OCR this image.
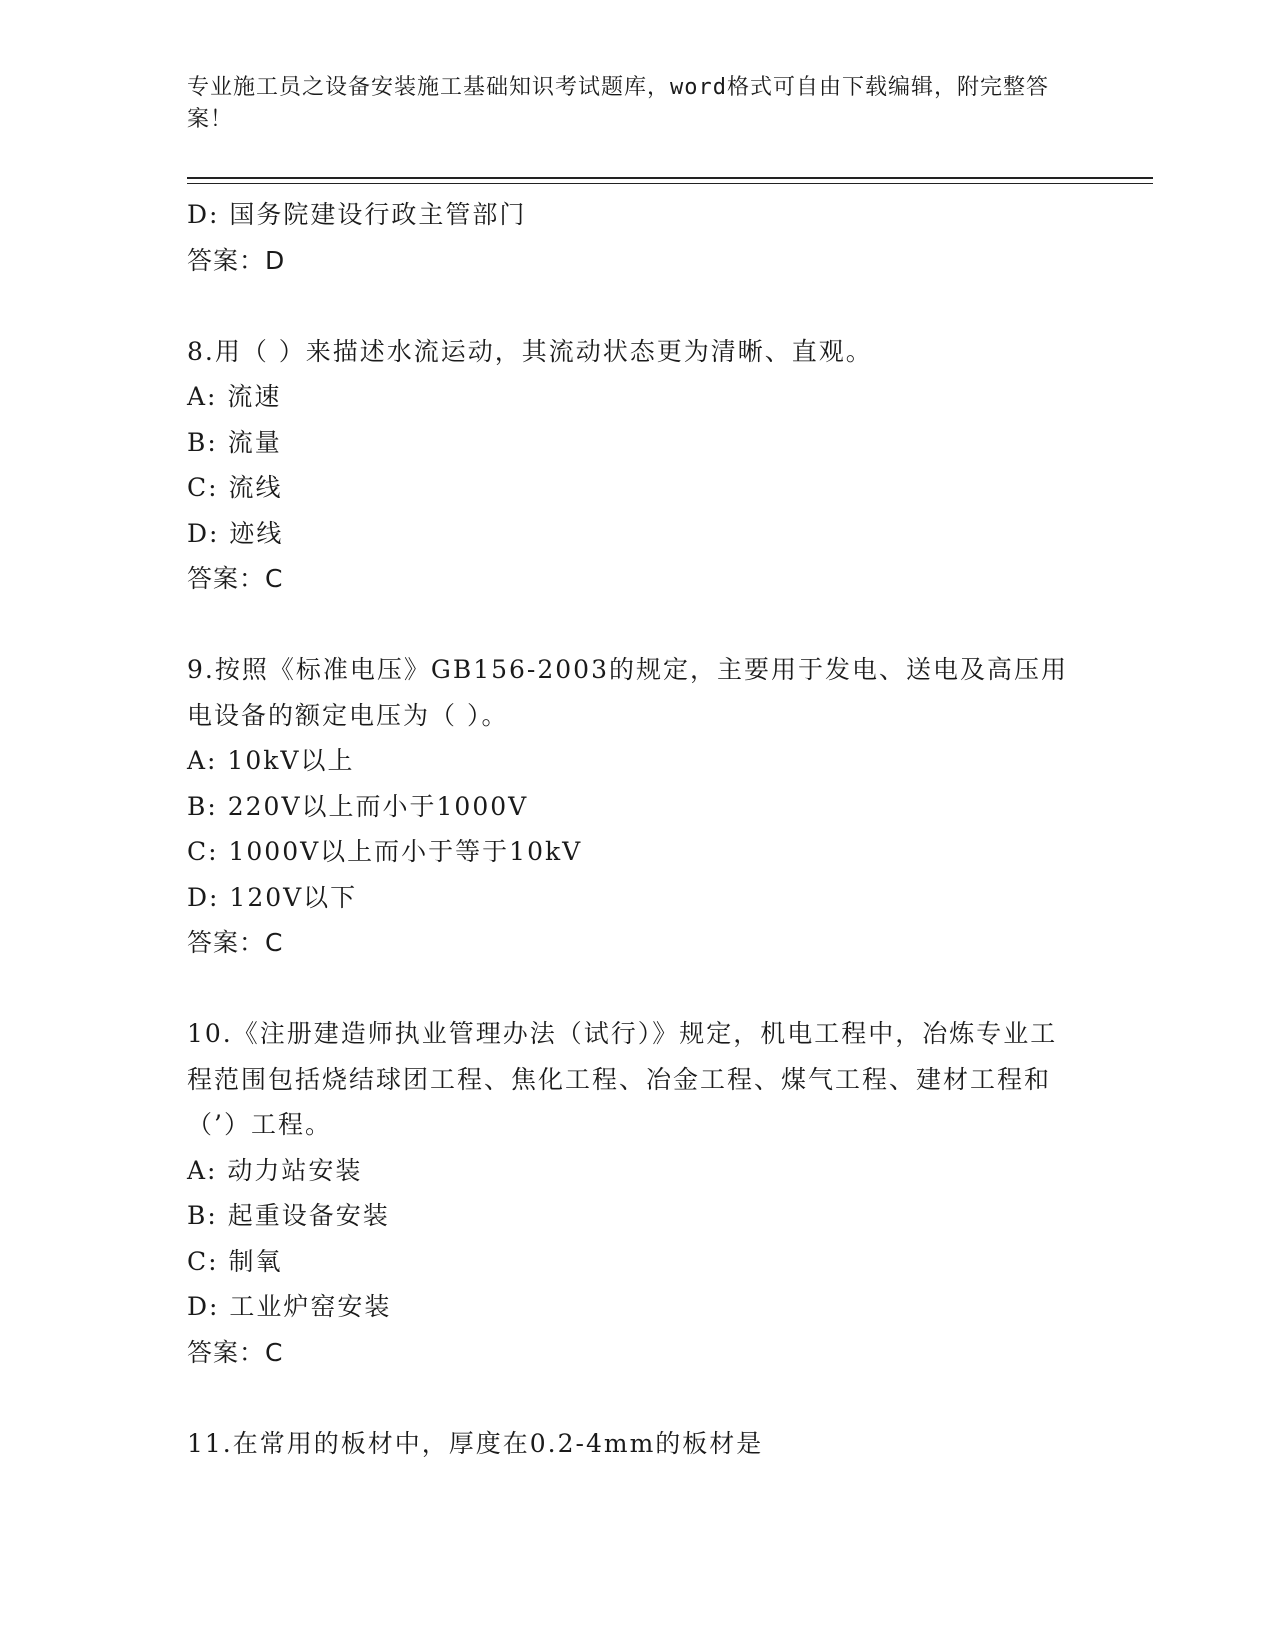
专业施工员之设备安装施工基础知识考试题库，word格式可自由下载编辑，附完整答案！
D: 国务院建设行政主管部门
答案：D
8.用（ ）来描述水流运动，其流动状态更为清晰、直观。
A: 流速
B: 流量
C: 流线
D: 迹线
答案：C
9.按照《标准电压》GB156-2003的规定，主要用于发电、送电及高压用电设备的额定电压为（ ）。
A: 10kV以上
B: 220V以上而小于1000V
C: 1000V以上而小于等于10kV
D: 120V以下
答案：C
10.《注册建造师执业管理办法（试行）》规定，机电工程中，冶炼专业工程范围包括烧结球团工程、焦化工程、冶金工程、煤气工程、建材工程和（’）工程。
A: 动力站安装
B: 起重设备安装
C: 制氧
D: 工业炉窑安装
答案：C
11.在常用的板材中，厚度在0.2-4mm的板材是
